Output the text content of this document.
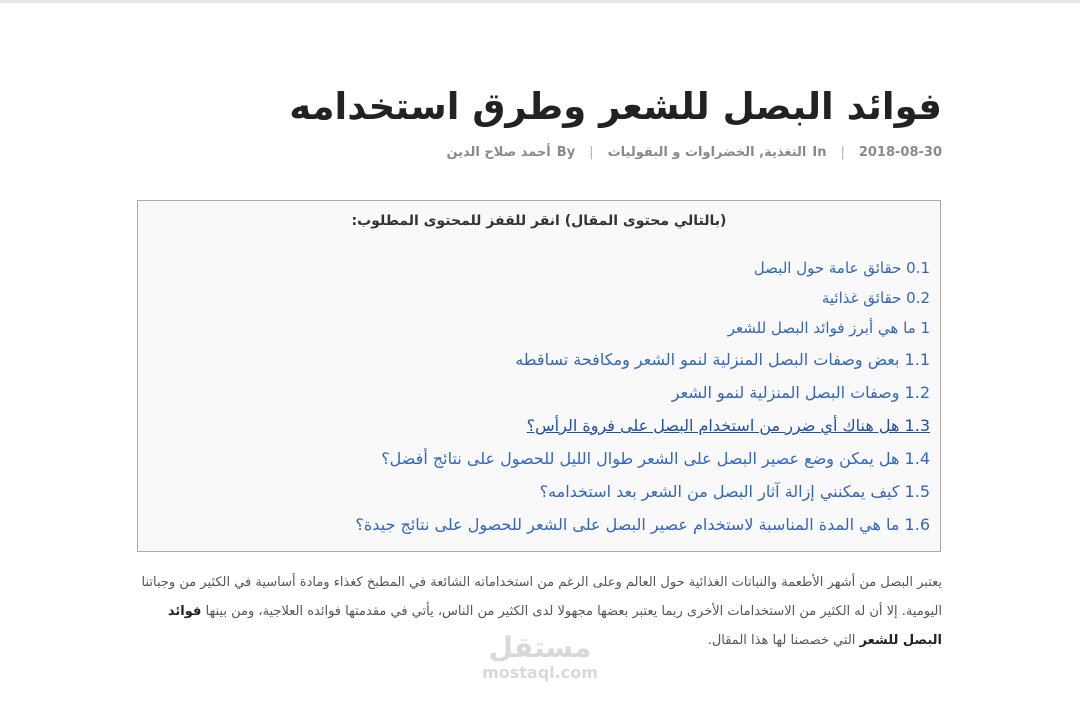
فوائد البصل للشعر وطرق استخدامه
أحمد صلاح الدين By	|	التغذية, الخضراوات و البقوليات In	|	2018-08-30
(بالتالي محتوى المقال) انقر للقفز للمحتوى المطلوب:
0.1 حقائق عامة حول البصل
0.2 حقائق غذائية
1 ما هي أبرز فوائد البصل للشعر
1.1 بعض وصفات البصل المنزلية لنمو الشعر ومكافحة تساقطه
1.2 وصفات البصل المنزلية لنمو الشعر
1.3 هل هناك أي ضرر من استخدام البصل على فروة الرأس؟
1.4 هل يمكن وضع عصير البصل على الشعر طوال الليل للحصول على نتائج أفضل؟
1.5 كيف يمكنني إزالة آثار البصل من الشعر بعد استخدامه؟
1.6 ما هي المدة المناسبة لاستخدام عصير البصل على الشعر للحصول على نتائج جيدة؟

يعتبر البصل من أشهر الأطعمة والنباتات الغذائية حول العالم وعلى الرغم من استخداماته الشائعة في المطبخ كغذاء ومادة أساسية في الكثير من وجباتنا اليومية. إلا أن له الكثير من الاستخدامات الأخرى ربما يعتبر بعضها مجهولا لدى الكثير من الناس، يأتي في مقدمتها فوائده العلاجية، ومن بينها فوائد البصل للشعر التي خصصنا لها هذا المقال.

مستقل
mostaql.com
